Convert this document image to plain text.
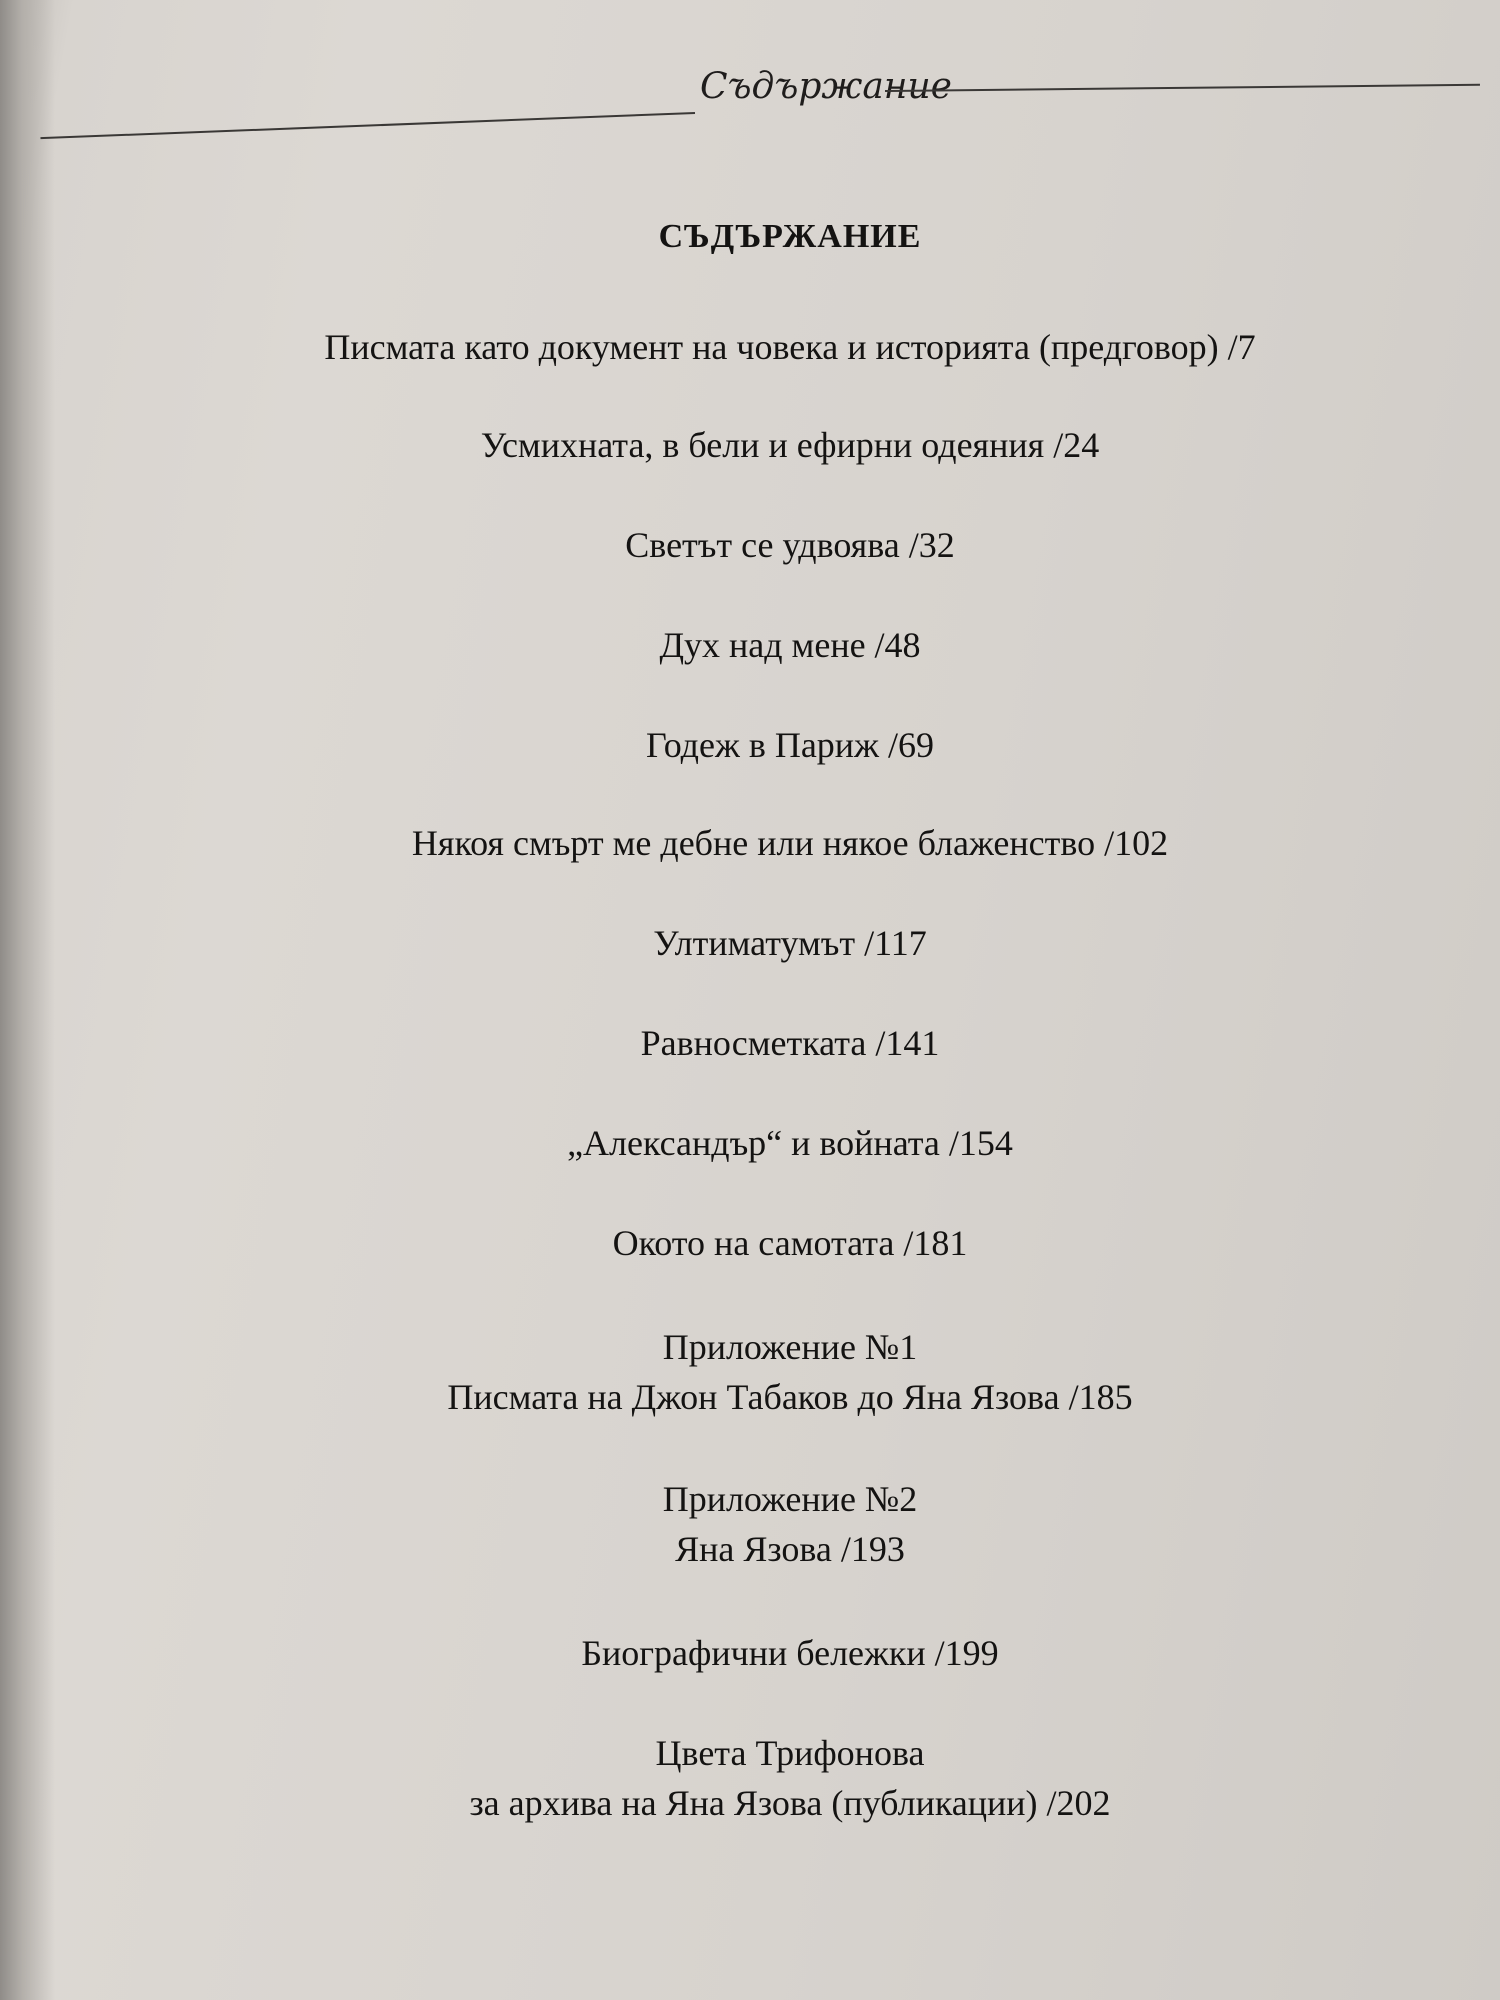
Съдържание
СЪДЪРЖАНИЕ
Писмата като документ на човека и историята (предговор) /7
Усмихната, в бели и ефирни одеяния /24
Светът се удвоява /32
Дух над мене /48
Годеж в Париж /69
Някоя смърт ме дебне или някое блаженство /102
Ултиматумът /117
Равносметката /141
„Александър“ и войната /154
Окото на самотата /181
Приложение №1
Писмата на Джон Табаков до Яна Язова /185
Приложение №2
Яна Язова /193
Биографични бележки /199
Цвета Трифонова
за архива на Яна Язова (публикации) /202
